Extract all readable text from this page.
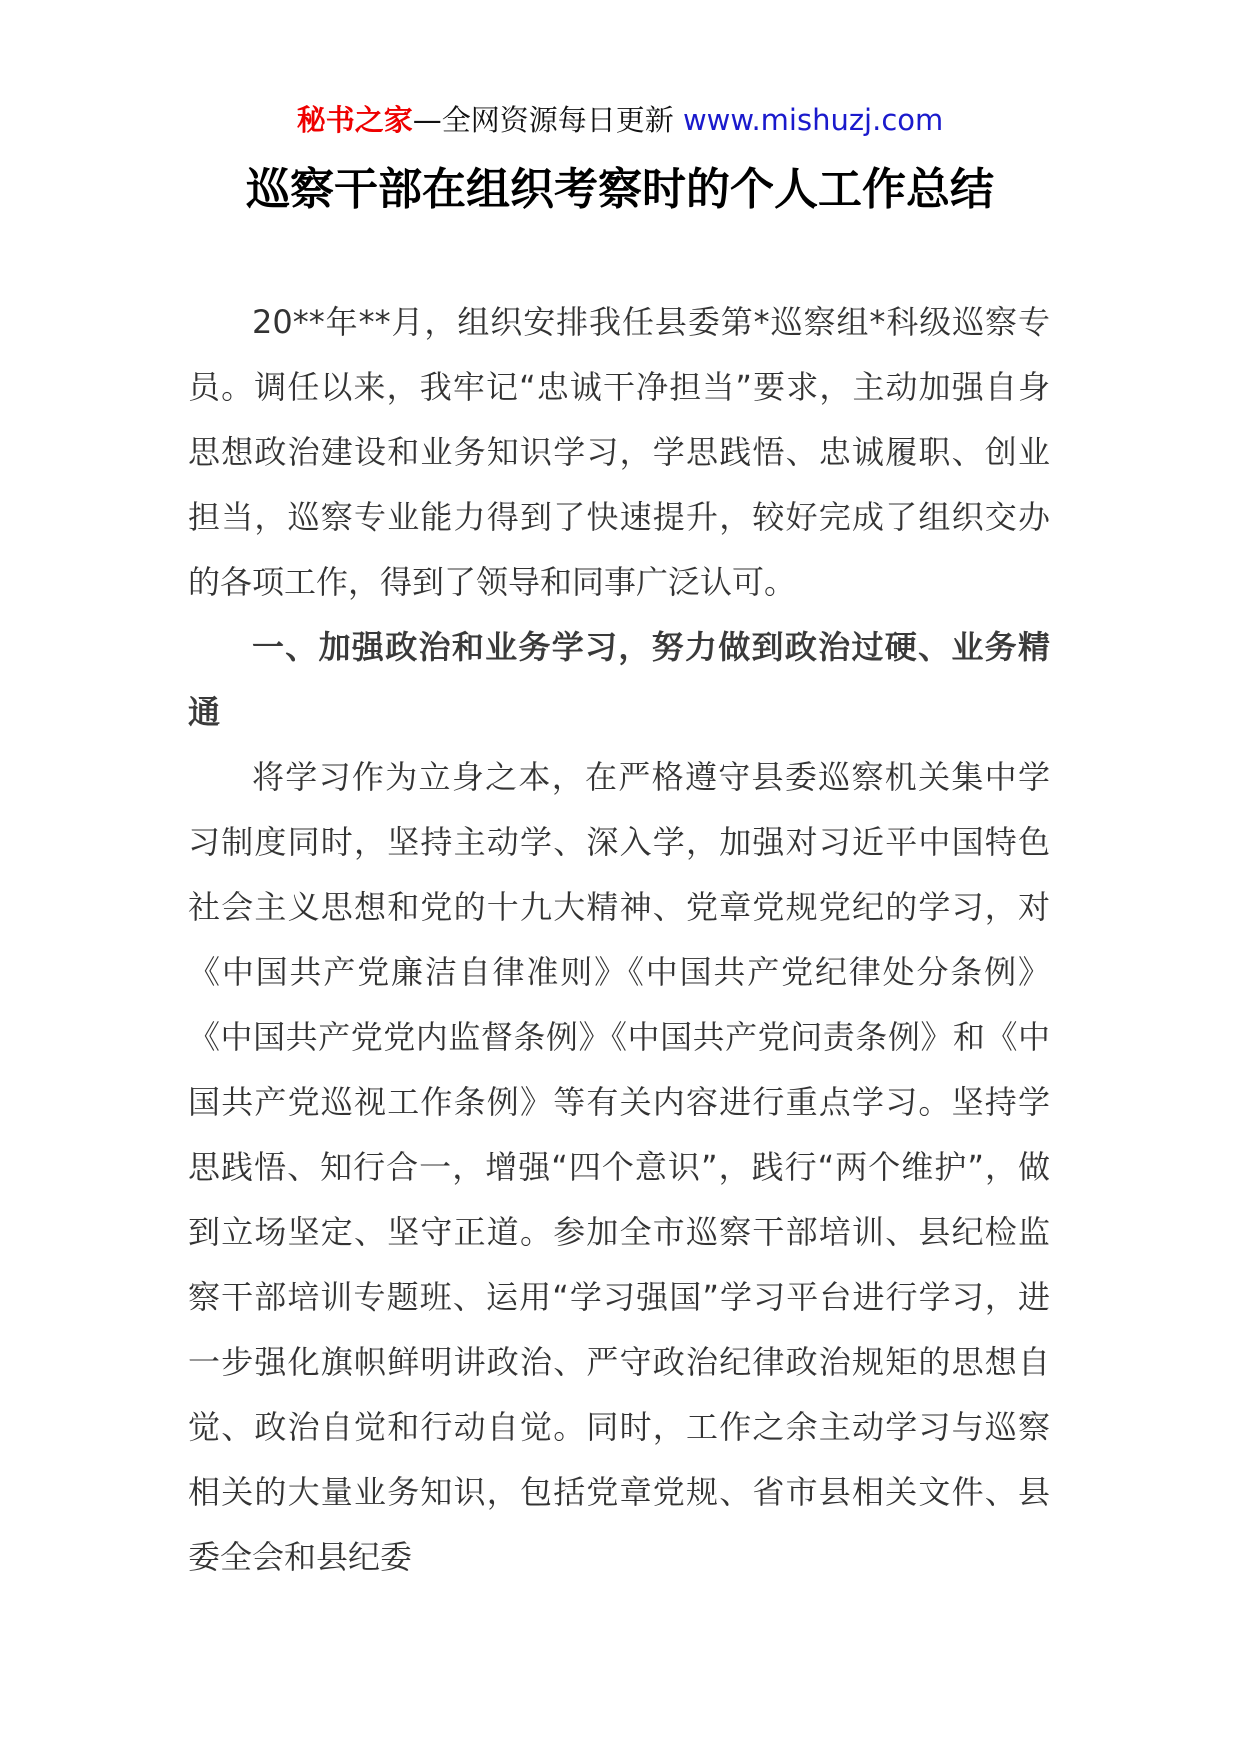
秘书之家—全网资源每日更新 www.mishuzj.com
巡察干部在组织考察时的个人工作总结

20**年**月，组织安排我任县委第*巡察组*科级巡察专员。调任以来，我牢记“忠诚干净担当”要求，主动加强自身思想政治建设和业务知识学习，学思践悟、忠诚履职、创业担当，巡察专业能力得到了快速提升，较好完成了组织交办的各项工作，得到了领导和同事广泛认可。

一、加强政治和业务学习，努力做到政治过硬、业务精通

将学习作为立身之本，在严格遵守县委巡察机关集中学习制度同时，坚持主动学、深入学，加强对习近平中国特色社会主义思想和党的十九大精神、党章党规党纪的学习，对《中国共产党廉洁自律准则》《中国共产党纪律处分条例》《中国共产党党内监督条例》《中国共产党问责条例》和《中国共产党巡视工作条例》等有关内容进行重点学习。坚持学思践悟、知行合一，增强“四个意识”，践行“两个维护”，做到立场坚定、坚守正道。参加全市巡察干部培训、县纪检监察干部培训专题班、运用“学习强国”学习平台进行学习，进一步强化旗帜鲜明讲政治、严守政治纪律政治规矩的思想自觉、政治自觉和行动自觉。同时，工作之余主动学习与巡察相关的大量业务知识，包括党章党规、省市县相关文件、县委全会和县纪委
